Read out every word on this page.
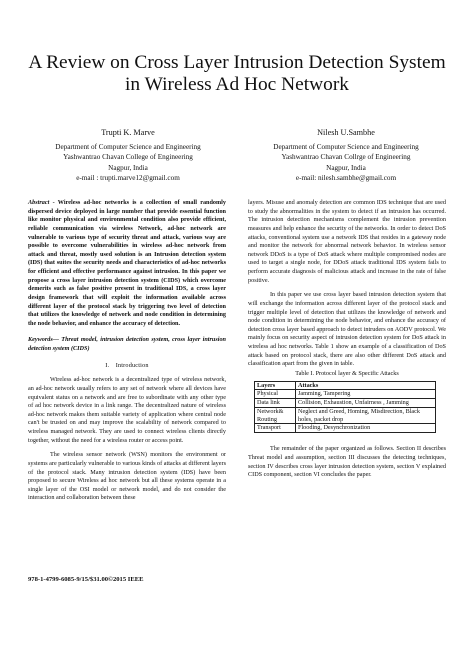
A Review on Cross Layer Intrusion Detection System in Wireless Ad Hoc Network
Trupti K. Marve
Department of Computer Science and Engineering
Yashwantrao Chavan College of Engineering
Nagpur, India
e-mail : trupti.marve12@gmail.com
Nilesh U.Sambhe
Department of Computer Science and Engineering
Yashwantrao Chavan Collrge of Engineering
Nagpur, India
e-mail: nilesh.sambhe@gmail.com

Abstract - Wireless ad-hoc networks is a collection of small randomly dispersed device deployed in large number that provide essential function like monitor physical and environmental condition also provide efficient, reliable communication via wireless Network, ad-hoc network are vulnerable to various type of security threat and attack, various way are possible to overcome vulnerabilities in wireless ad-hoc network from attack and threat, mostly used solution is an Intrusion detection system (IDS) that suites the security needs and characteristics of ad-hoc networks for efficient and effective performance against intrusion. In this paper we propose a cross layer intrusion detection system (CIDS) which overcome demerits such as false positive present in traditional IDS, a cross layer design framework that will exploit the information available across different layer of the protocol stack by triggering two level of detection that utilizes the knowledge of network and node condition in determining the node behavior, and enhance the accuracy of detection.

Keywords— Threat model, intrusion detection system, cross layer intrusion detection system (CIDS)

I. Introduction

Wireless ad-hoc network is a decentralized type of wireless network, an ad-hoc network usually refers to any set of network where all devices have equivalent status on a network and are free to subordinate with any other type of ad hoc network device in a link range. The decentralized nature of wireless ad-hoc network makes them suitable variety of application where central node can't be trusted on and may improve the scalability of network compared to wireless managed network. They are used to connect wireless clients directly together, without the need for a wireless router or access point.

The wireless sensor network (WSN) monitors the environment or systems are particularly vulnerable to various kinds of attacks at different layers of the protocol stack. Many intrusion detection system (IDS) have been proposed to secure Wireless ad hoc network but all these systems operate in a single layer of the OSI model or network model, and do not consider the interaction and collaboration between these

layers. Misuse and anomaly detection are common IDS technique that are used to study the abnormalities in the system to detect if an intrusion has occurred. The intrusion detection mechanisms complement the intrusion prevention measures and help enhance the security of the networks. In order to detect DoS attacks, conventional system use a network IDS that resides in a gateway node and monitor the network for abnormal network behavior. In wireless sensor network DDoS is a type of DoS attack where multiple compromised nodes are used to target a single node, for DDoS attack traditional IDS system fails to perform accurate diagnosis of malicious attack and increase in the rate of false positive.

In this paper we use cross layer based intrusion detection system that will exchange the information across different layer of the protocol stack and trigger multiple level of detection that utilizes the knowledge of network and node condition in determining the node behavior, and enhance the accuracy of detection cross layer based approach to detect intruders on AODV protocol. We mainly focus on security aspect of intrusion detection system for DoS attack in wireless ad hoc networks. Table 1 show an example of a classification of DoS attack based on protocol stack, there are also other different DoS attack and classification apart from the given in table.

Table I. Protocol layer & Specific Attacks

Layers	Attacks
Physical	Jamming, Tampering
Data link	Collision, Exhaustion, Unfairness , Jamming
Network& Routing	Neglect and Greed, Homing, Misdirection, Black holes, packet drop
Transport	Flooding, Desynchronization

The remainder of the paper organized as follows. Section II describes Threat model and assumption, section III discusses the detecting techniques, section IV describes cross layer intrusion detection system, section V explained CIDS component, section VI concludes the paper.

978-1-4799-6085-9/15/$31.00©2015 IEEE
